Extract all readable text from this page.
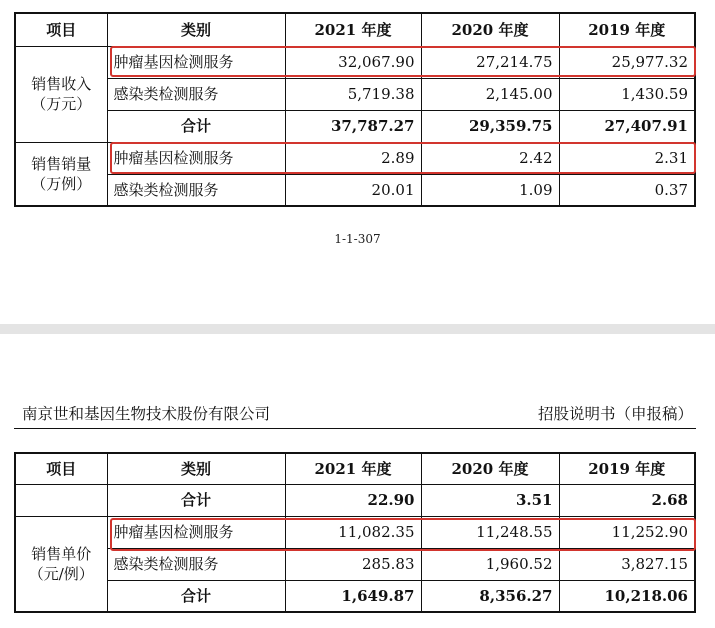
项目	类别	2021 年度	2020 年度	2019 年度
销售收入
（万元）	肿瘤基因检测服务	32,067.90	27,214.75	25,977.32
	感染类检测服务	5,719.38	2,145.00	1,430.59
	合计	37,787.27	29,359.75	27,407.91
销售销量
（万例）	肿瘤基因检测服务	2.89	2.42	2.31
	感染类检测服务	20.01	1.09	0.37
1-1-307
南京世和基因生物技术股份有限公司	招股说明书（申报稿）
项目	类别	2021 年度	2020 年度	2019 年度
	合计	22.90	3.51	2.68
销售单价
（元/例）	肿瘤基因检测服务	11,082.35	11,248.55	11,252.90
	感染类检测服务	285.83	1,960.52	3,827.15
	合计	1,649.87	8,356.27	10,218.06
